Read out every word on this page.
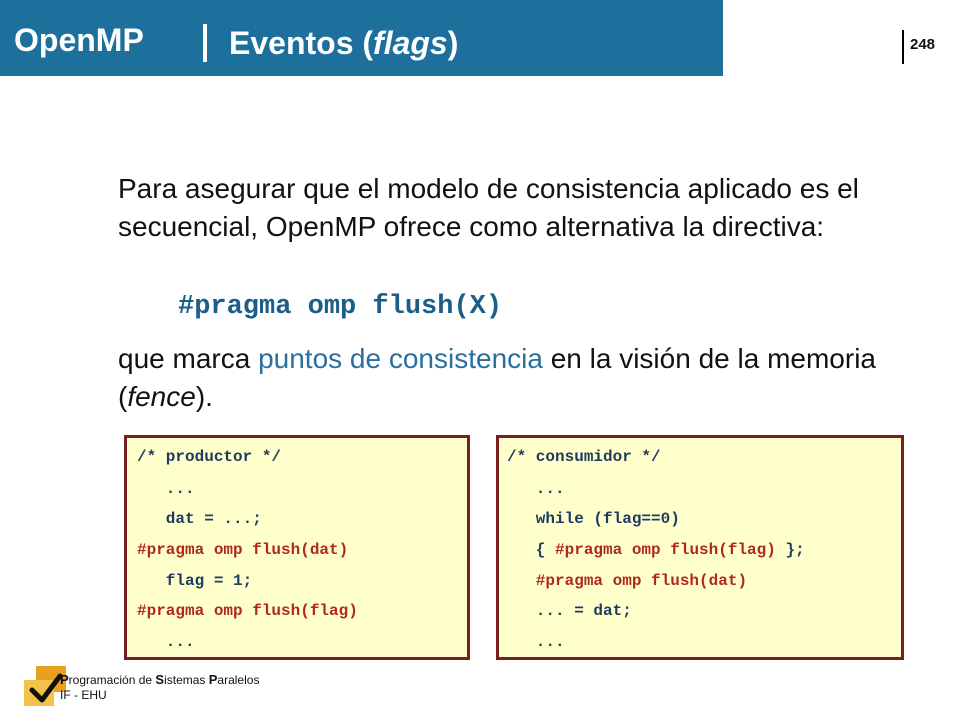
OpenMP	Eventos (flags)	248
Para asegurar que el modelo de consistencia aplicado es el secuencial, OpenMP ofrece como alternativa la directiva:
#pragma omp flush(X)
que marca puntos de consistencia en la visión de la memoria (fence).
/* productor */
...
dat = ...;
#pragma omp flush(dat)
flag = 1;
#pragma omp flush(flag)
...
/* consumidor */
...
while (flag==0)
{ #pragma omp flush(flag) };
#pragma omp flush(dat)
... = dat;
...
Programación de Sistemas Paralelos
IF - EHU
